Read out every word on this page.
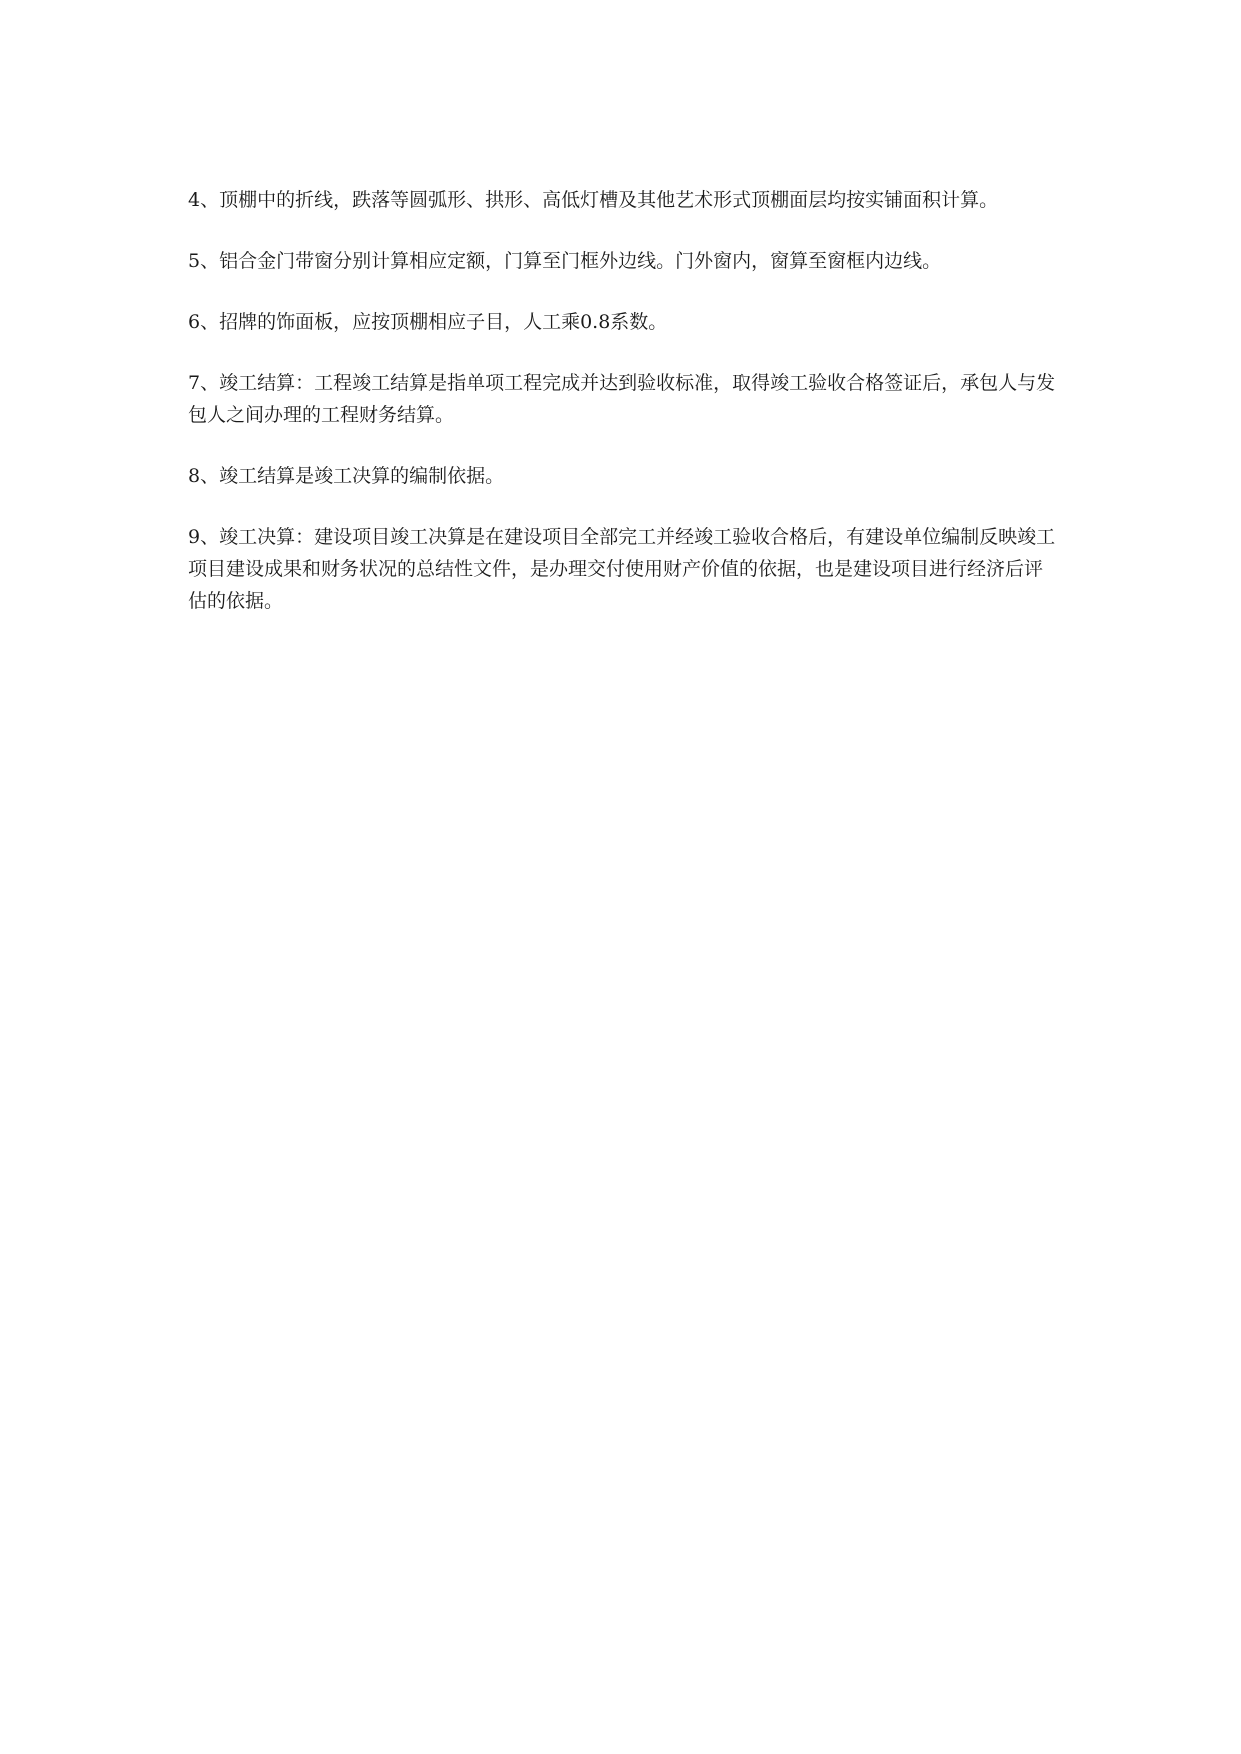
4、顶棚中的折线，跌落等圆弧形、拱形、高低灯槽及其他艺术形式顶棚面层均按实铺面积计算。

5、铝合金门带窗分别计算相应定额，门算至门框外边线。门外窗内，窗算至窗框内边线。

6、招牌的饰面板，应按顶棚相应子目，人工乘0.8系数。

7、竣工结算：工程竣工结算是指单项工程完成并达到验收标准，取得竣工验收合格签证后，承包人与发包人之间办理的工程财务结算。

8、竣工结算是竣工决算的编制依据。

9、竣工决算：建设项目竣工决算是在建设项目全部完工并经竣工验收合格后，有建设单位编制反映竣工项目建设成果和财务状况的总结性文件，是办理交付使用财产价值的依据，也是建设项目进行经济后评估的依据。
